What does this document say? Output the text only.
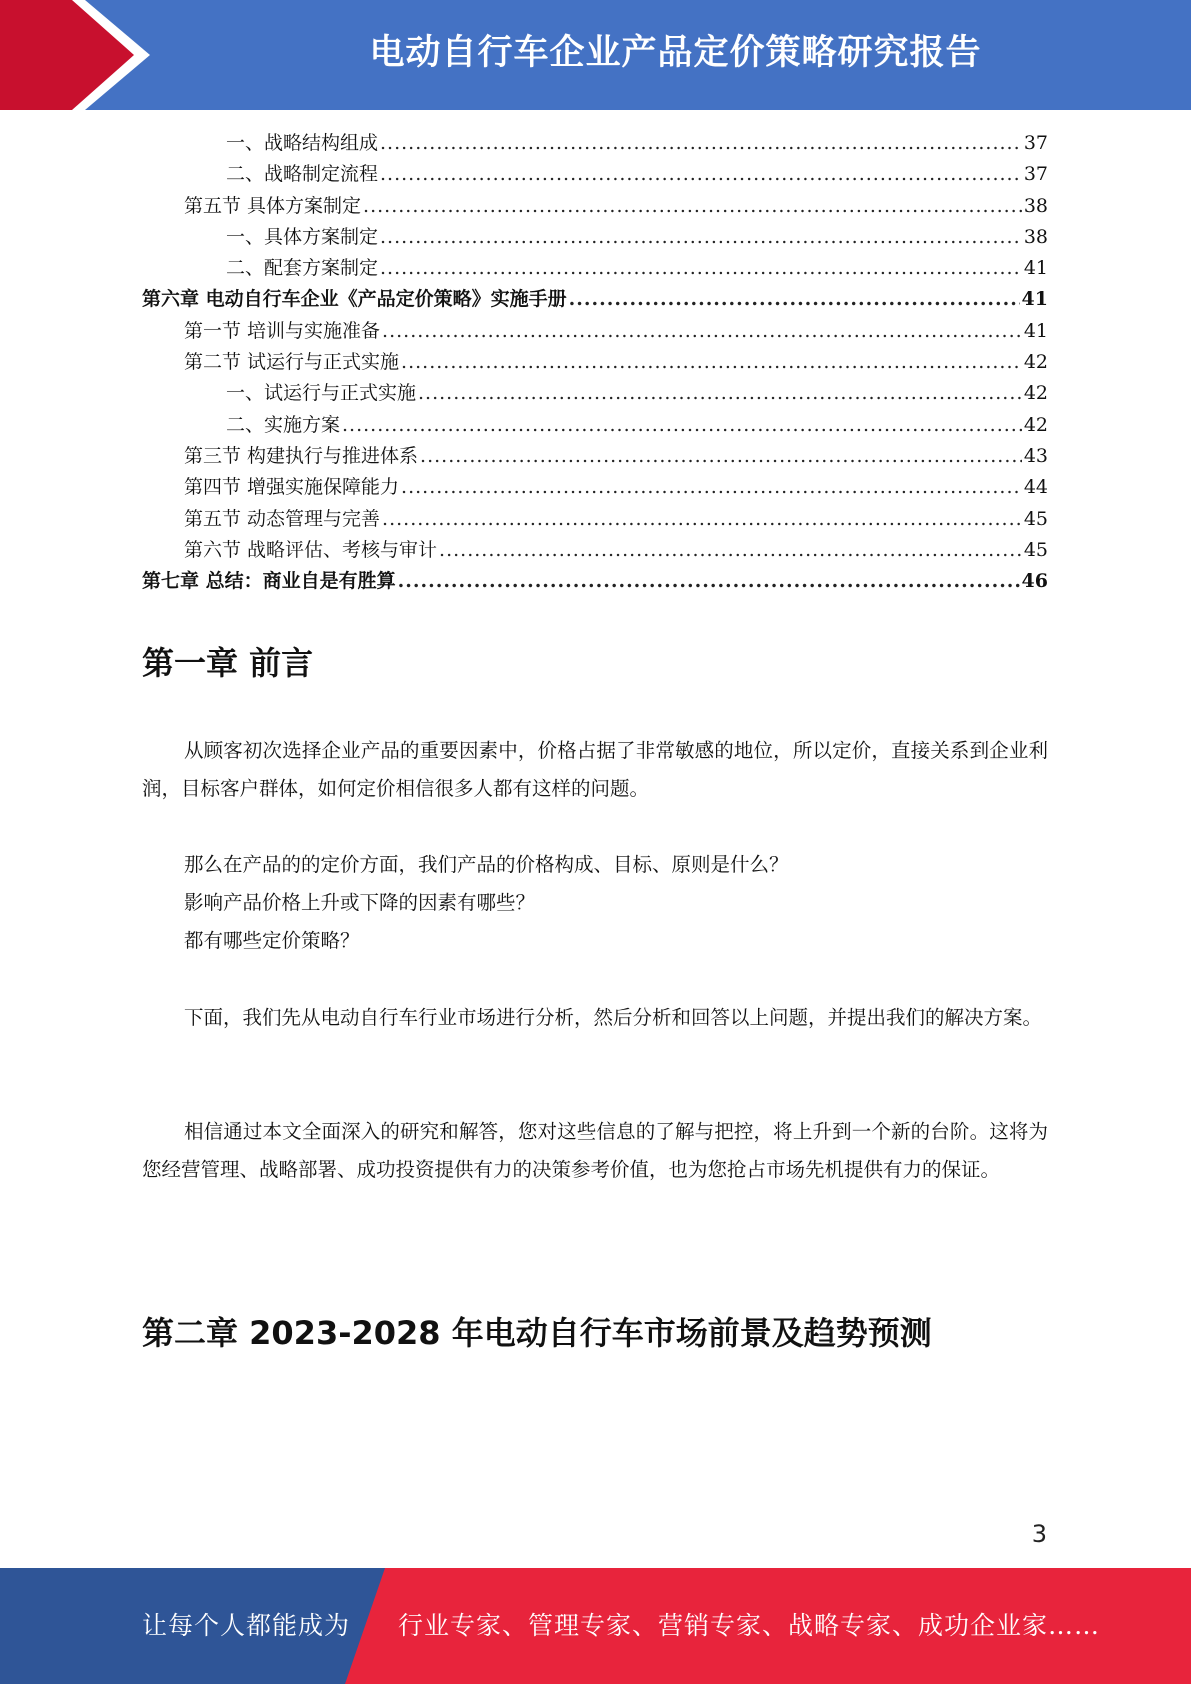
电动自行车企业产品定价策略研究报告
一、战略结构组成 .....	37
二、战略制定流程 .....	37
第五节 具体方案制定 .....	38
一、具体方案制定 .....	38
二、配套方案制定 .....	41
第六章 电动自行车企业《产品定价策略》实施手册 .....	41
第一节 培训与实施准备 .....	41
第二节 试运行与正式实施 .....	42
一、试运行与正式实施 .....	42
二、实施方案 .....	42
第三节 构建执行与推进体系 .....	43
第四节 增强实施保障能力 .....	44
第五节 动态管理与完善 .....	45
第六节 战略评估、考核与审计 .....	45
第七章 总结：商业自是有胜算 .....	46
第一章 前言

从顾客初次选择企业产品的重要因素中，价格占据了非常敏感的地位，所以定价，直接关系到企业利润，目标客户群体，如何定价相信很多人都有这样的问题。

那么在产品的的定价方面，我们产品的价格构成、目标、原则是什么？

影响产品价格上升或下降的因素有哪些？

都有哪些定价策略？

下面，我们先从电动自行车行业市场进行分析，然后分析和回答以上问题，并提出我们的解决方案。

相信通过本文全面深入的研究和解答，您对这些信息的了解与把控，将上升到一个新的台阶。这将为您经营管理、战略部署、成功投资提供有力的决策参考价值，也为您抢占市场先机提供有力的保证。

第二章 2023-2028 年电动自行车市场前景及趋势预测
3
让每个人都能成为 行业专家、管理专家、营销专家、战略专家、成功企业家……
